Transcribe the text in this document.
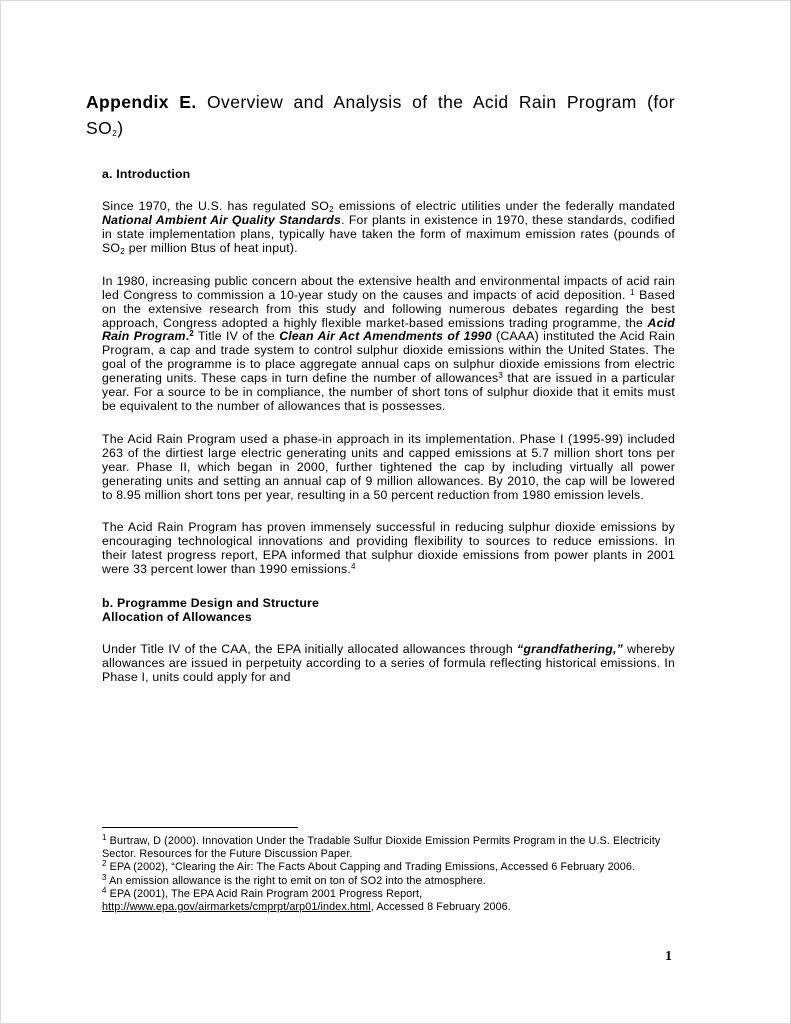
Appendix E. Overview and Analysis of the Acid Rain Program (for $SO_2$)

a. Introduction

Since 1970, the U.S. has regulated $SO_2$ emissions of electric utilities under the federally mandated National Ambient Air Quality Standards. For plants in existence in 1970, these standards, codified in state implementation plans, typically have taken the form of maximum emission rates (pounds of $SO_2$ per million Btus of heat input).

In 1980, increasing public concern about the extensive health and environmental impacts of acid rain led Congress to commission a 10-year study on the causes and impacts of acid deposition. $^1$ Based on the extensive research from this study and following numerous debates regarding the best approach, Congress adopted a highly flexible market-based emissions trading programme, the Acid Rain Program.$^2$ Title IV of the Clean Air Act Amendments of 1990 (CAAA) instituted the Acid Rain Program, a cap and trade system to control sulphur dioxide emissions within the United States. The goal of the programme is to place aggregate annual caps on sulphur dioxide emissions from electric generating units. These caps in turn define the number of allowances$^3$ that are issued in a particular year. For a source to be in compliance, the number of short tons of sulphur dioxide that it emits must be equivalent to the number of allowances that is possesses.

The Acid Rain Program used a phase-in approach in its implementation. Phase I (1995-99) included 263 of the dirtiest large electric generating units and capped emissions at 5.7 million short tons per year. Phase II, which began in 2000, further tightened the cap by including virtually all power generating units and setting an annual cap of 9 million allowances. By 2010, the cap will be lowered to 8.95 million short tons per year, resulting in a 50 percent reduction from 1980 emission levels.

The Acid Rain Program has proven immensely successful in reducing sulphur dioxide emissions by encouraging technological innovations and providing flexibility to sources to reduce emissions. In their latest progress report, EPA informed that sulphur dioxide emissions from power plants in 2001 were 33 percent lower than 1990 emissions.$^4$

b. Programme Design and Structure
Allocation of Allowances

Under Title IV of the CAA, the EPA initially allocated allowances through “grandfathering,” whereby allowances are issued in perpetuity according to a series of formula reflecting historical emissions. In Phase I, units could apply for and

$^1$ Burtraw, D (2000). Innovation Under the Tradable Sulfur Dioxide Emission Permits Program in the U.S. Electricity Sector. Resources for the Future Discussion Paper.

$^2$ EPA (2002), “Clearing the Air: The Facts About Capping and Trading Emissions, Accessed 6 February 2006.

$^3$ An emission allowance is the right to emit on ton of SO2 into the atmosphere.

$^4$ EPA (2001), The EPA Acid Rain Program 2001 Progress Report, http://www.epa.gov/airmarkets/cmprpt/arp01/index.html, Accessed 8 February 2006.

1
